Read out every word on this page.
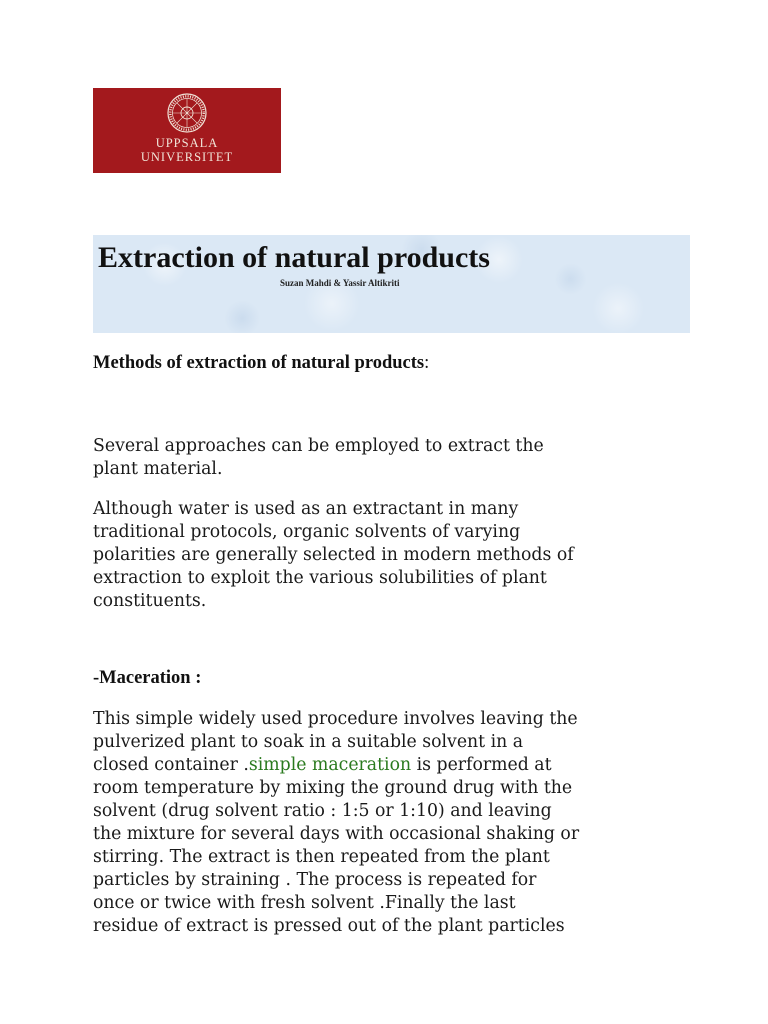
UPPSALA
UNIVERSITET
Extraction of natural products
Suzan Mahdi & Yassir Altikriti
Methods of extraction of natural products:

Several approaches can be employed to extract the
plant material.

Although water is used as an extractant in many
traditional protocols, organic solvents of varying
polarities are generally selected in modern methods of
extraction to exploit the various solubilities of plant
constituents.

-Maceration :

This simple widely used procedure involves leaving the
pulverized plant to soak in a suitable solvent in a
closed container .simple maceration is performed at
room temperature by mixing the ground drug with the
solvent (drug solvent ratio : 1:5 or 1:10) and leaving
the mixture for several days with occasional shaking or
stirring. The extract is then repeated from the plant
particles by straining . The process is repeated for
once or twice with fresh solvent .Finally the last
residue of extract is pressed out of the plant particles
